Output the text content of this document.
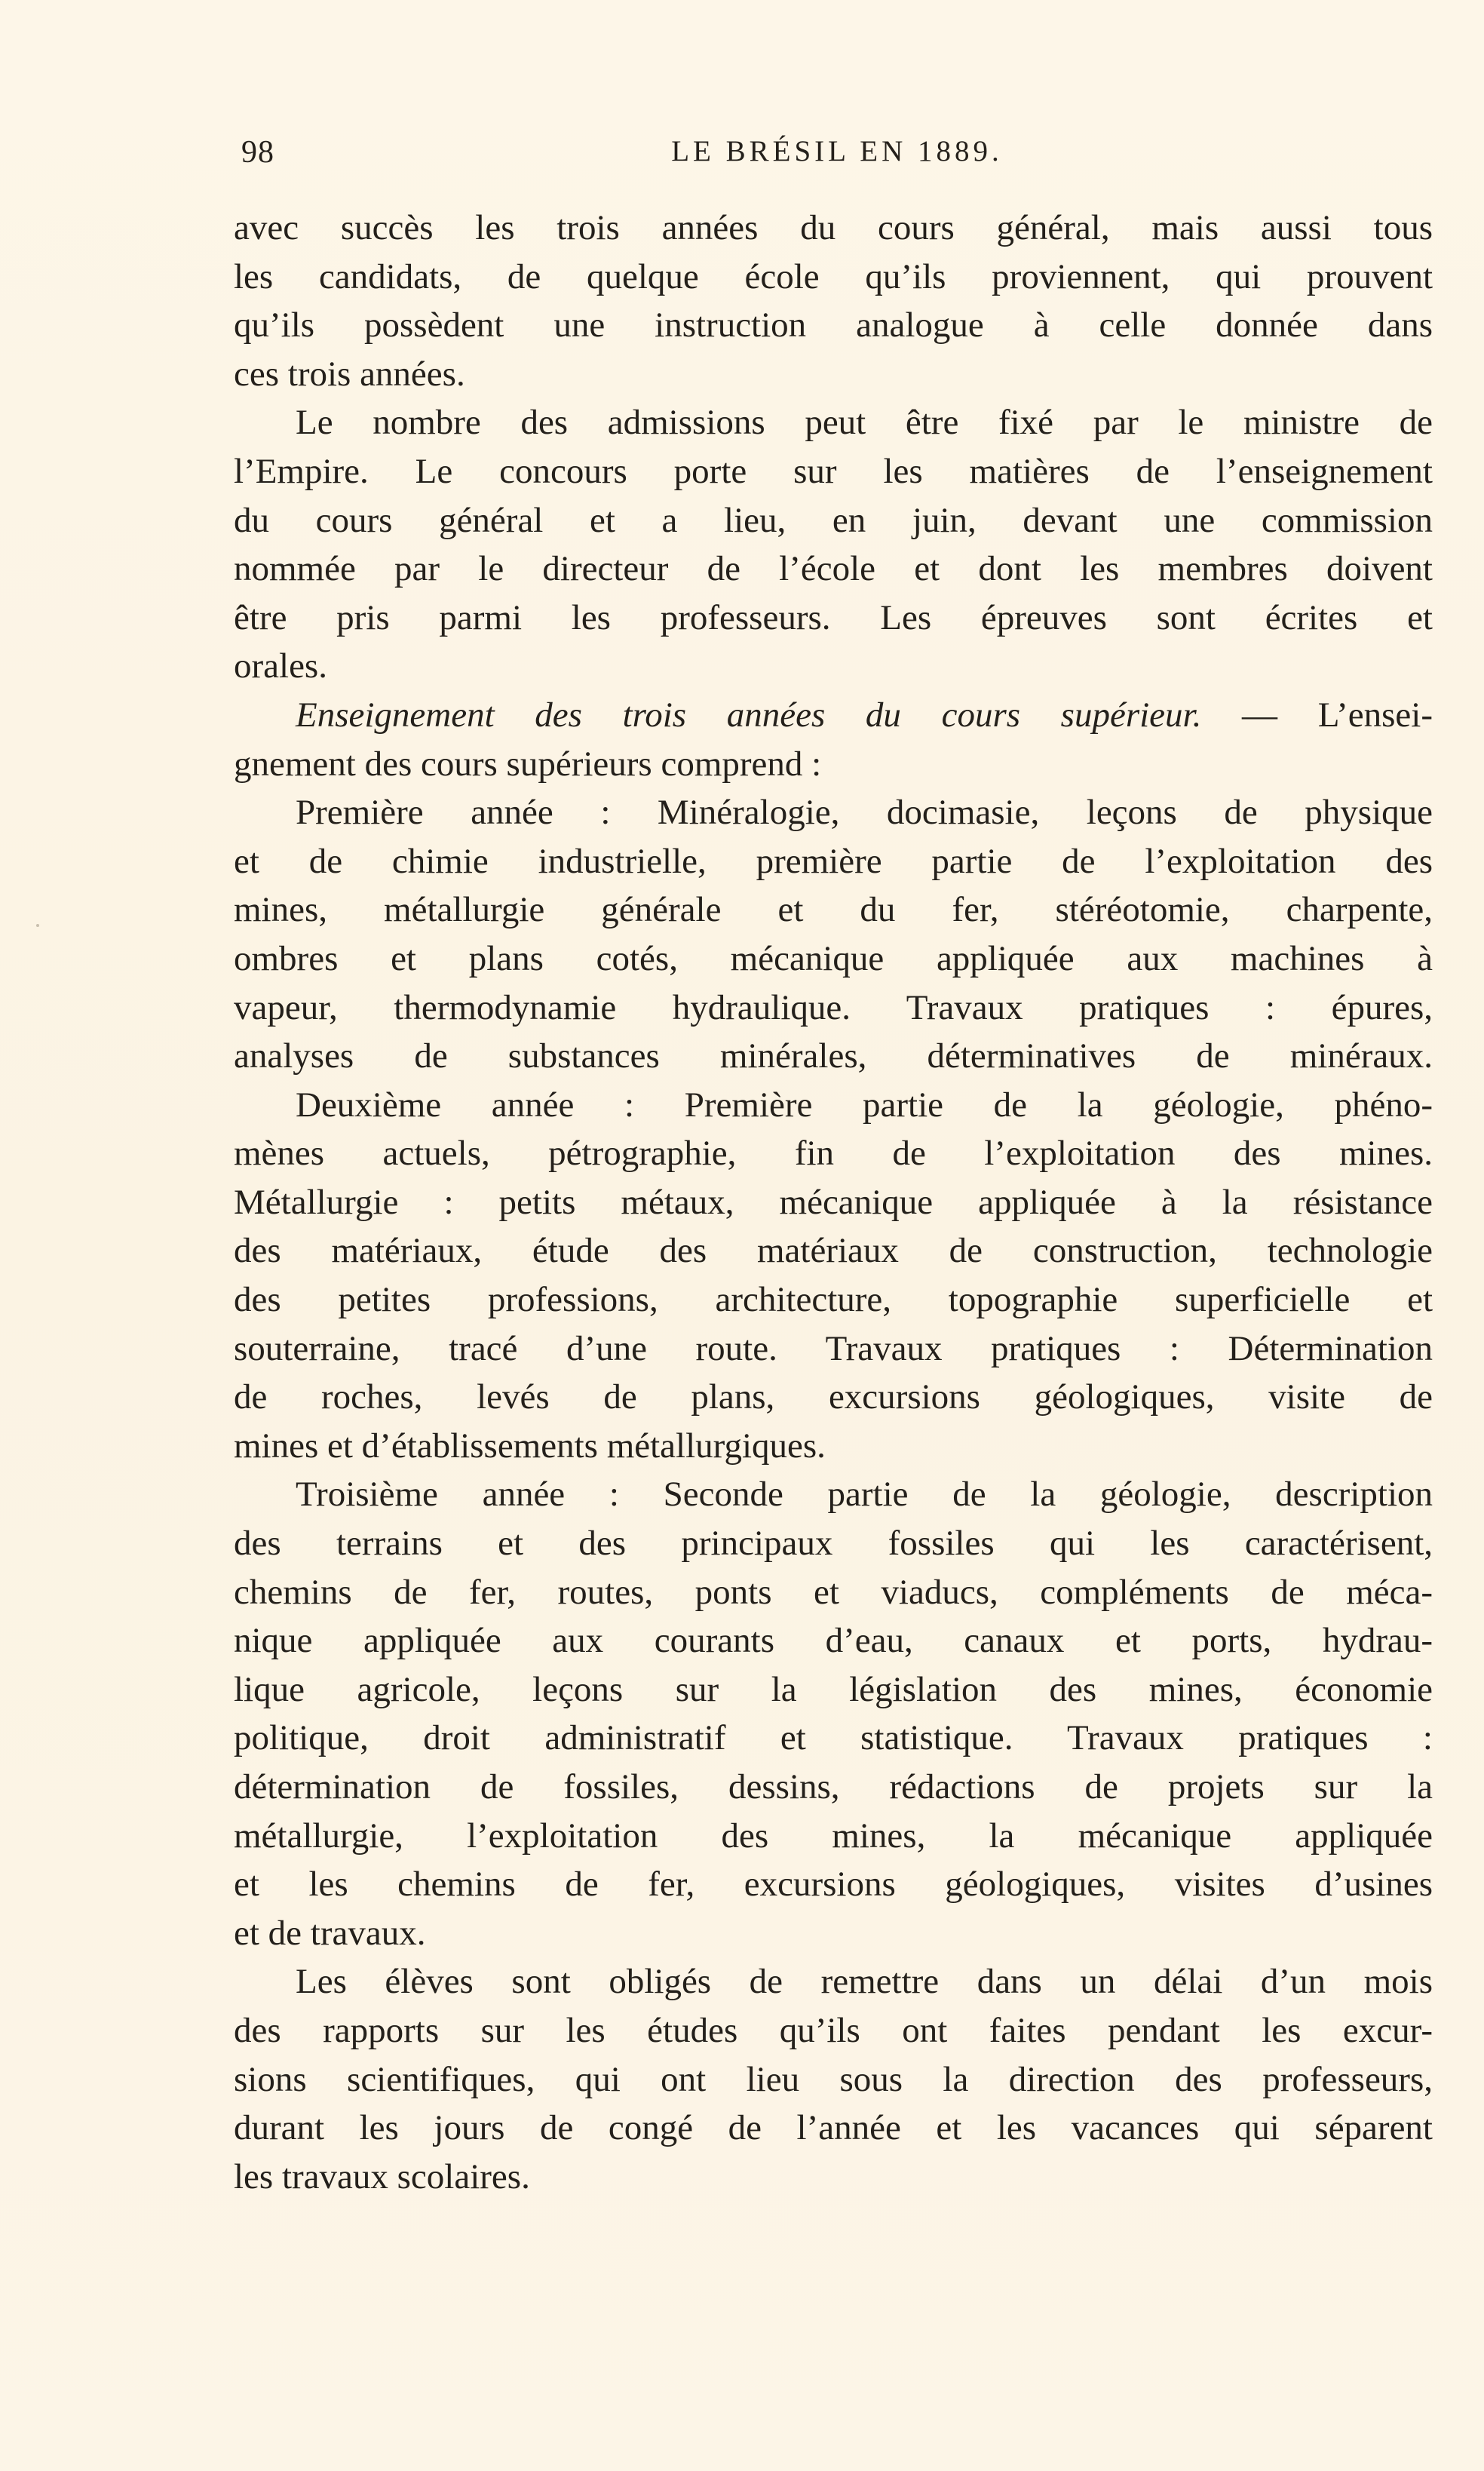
98	LE BRÉSIL EN 1889.
avec succès les trois années du cours général, mais aussi tous
les candidats, de quelque école qu’ils proviennent, qui prouvent
qu’ils possèdent une instruction analogue à celle donnée dans
ces trois années.
Le nombre des admissions peut être fixé par le ministre de
l’Empire. Le concours porte sur les matières de l’enseignement
du cours général et a lieu, en juin, devant une commission
nommée par le directeur de l’école et dont les membres doivent
être pris parmi les professeurs. Les épreuves sont écrites et
orales.
Enseignement des trois années du cours supérieur. — L’ensei-
gnement des cours supérieurs comprend :
Première année : Minéralogie, docimasie, leçons de physique
et de chimie industrielle, première partie de l’exploitation des
mines, métallurgie générale et du fer, stéréotomie, charpente,
ombres et plans cotés, mécanique appliquée aux machines à
vapeur, thermodynamie hydraulique. Travaux pratiques : épures,
analyses de substances minérales, déterminatives de minéraux.
Deuxième année : Première partie de la géologie, phéno-
mènes actuels, pétrographie, fin de l’exploitation des mines.
Métallurgie : petits métaux, mécanique appliquée à la résistance
des matériaux, étude des matériaux de construction, technologie
des petites professions, architecture, topographie superficielle et
souterraine, tracé d’une route. Travaux pratiques : Détermination
de roches, levés de plans, excursions géologiques, visite de
mines et d’établissements métallurgiques.
Troisième année : Seconde partie de la géologie, description
des terrains et des principaux fossiles qui les caractérisent,
chemins de fer, routes, ponts et viaducs, compléments de méca-
nique appliquée aux courants d’eau, canaux et ports, hydrau-
lique agricole, leçons sur la législation des mines, économie
politique, droit administratif et statistique. Travaux pratiques :
détermination de fossiles, dessins, rédactions de projets sur la
métallurgie, l’exploitation des mines, la mécanique appliquée
et les chemins de fer, excursions géologiques, visites d’usines
et de travaux.
Les élèves sont obligés de remettre dans un délai d’un mois
des rapports sur les études qu’ils ont faites pendant les excur-
sions scientifiques, qui ont lieu sous la direction des professeurs,
durant les jours de congé de l’année et les vacances qui séparent
les travaux scolaires.
